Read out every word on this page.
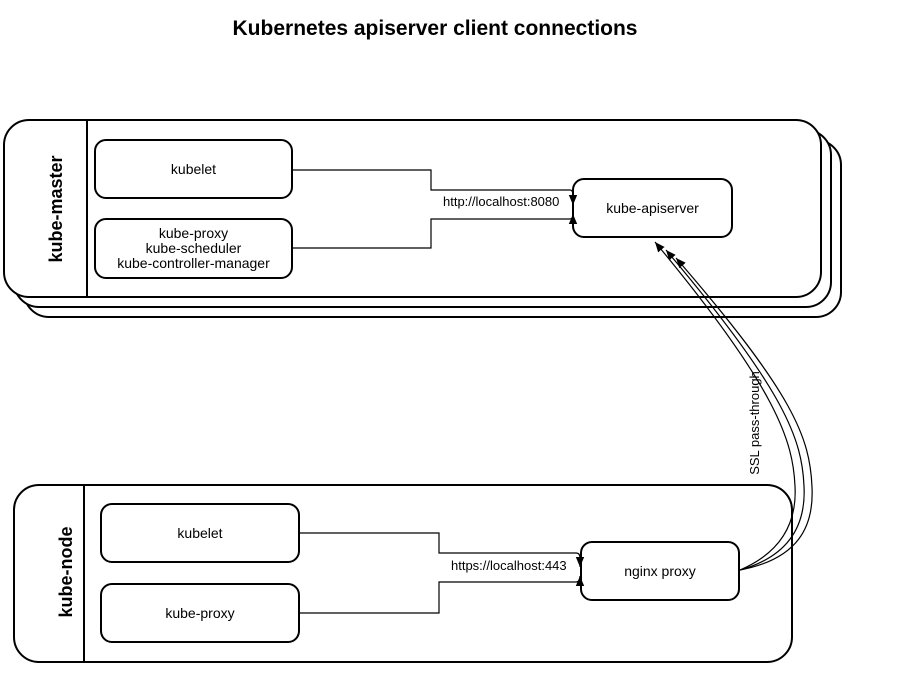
Kubernetes apiserver client connections
kube-master	kubelet
kube-proxy
kube-scheduler
kube-controller-manager
kube-apiserver
kube-node	kubelet
kube-proxy
nginx proxy
http://localhost:8080
https://localhost:443
SSL pass-through
